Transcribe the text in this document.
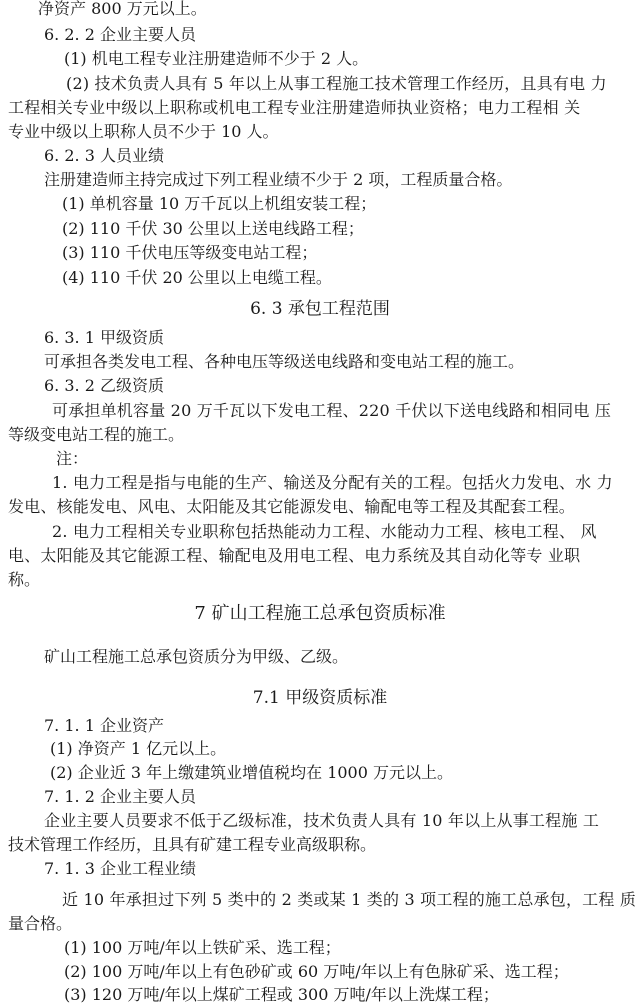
净资产 800 万元以上。
6. 2. 2 企业主要人员
(1) 机电工程专业注册建造师不少于 2 人。
(2) 技术负责人具有 5 年以上从事工程施工技术管理工作经历，且具有电 力
工程相关专业中级以上职称或机电工程专业注册建造师执业资格；电力工程相 关
专业中级以上职称人员不少于 10 人。
6. 2. 3 人员业绩
注册建造师主持完成过下列工程业绩不少于 2 项，工程质量合格。
(1) 单机容量 10 万千瓦以上机组安装工程；
(2) 110 千伏 30 公里以上送电线路工程；
(3) 110 千伏电压等级变电站工程；
(4) 110 千伏 20 公里以上电缆工程。
6. 3 承包工程范围
6. 3. 1 甲级资质
可承担各类发电工程、各种电压等级送电线路和变电站工程的施工。
6. 3. 2 乙级资质
可承担单机容量 20 万千瓦以下发电工程、220 千伏以下送电线路和相同电 压
等级变电站工程的施工。
注：
1. 电力工程是指与电能的生产、输送及分配有关的工程。包括火力发电、水 力
发电、核能发电、风电、太阳能及其它能源发电、输配电等工程及其配套工程。
2. 电力工程相关专业职称包括热能动力工程、水能动力工程、核电工程、 风
电、太阳能及其它能源工程、输配电及用电工程、电力系统及其自动化等专 业职
称。
7 矿山工程施工总承包资质标准
矿山工程施工总承包资质分为甲级、乙级。
7.1 甲级资质标准
7. 1. 1 企业资产
(1) 净资产 1 亿元以上。
(2) 企业近 3 年上缴建筑业增值税均在 1000 万元以上。
7. 1. 2 企业主要人员
企业主要人员要求不低于乙级标准，技术负责人具有 10 年以上从事工程施 工
技术管理工作经历，且具有矿建工程专业高级职称。
7. 1. 3 企业工程业绩
近 10 年承担过下列 5 类中的 2 类或某 1 类的 3 项工程的施工总承包，工程 质
量合格。
(1) 100 万吨/年以上铁矿采、选工程；
(2) 100 万吨/年以上有色砂矿或 60 万吨/年以上有色脉矿采、选工程；
(3) 120 万吨/年以上煤矿工程或 300 万吨/年以上洗煤工程；
